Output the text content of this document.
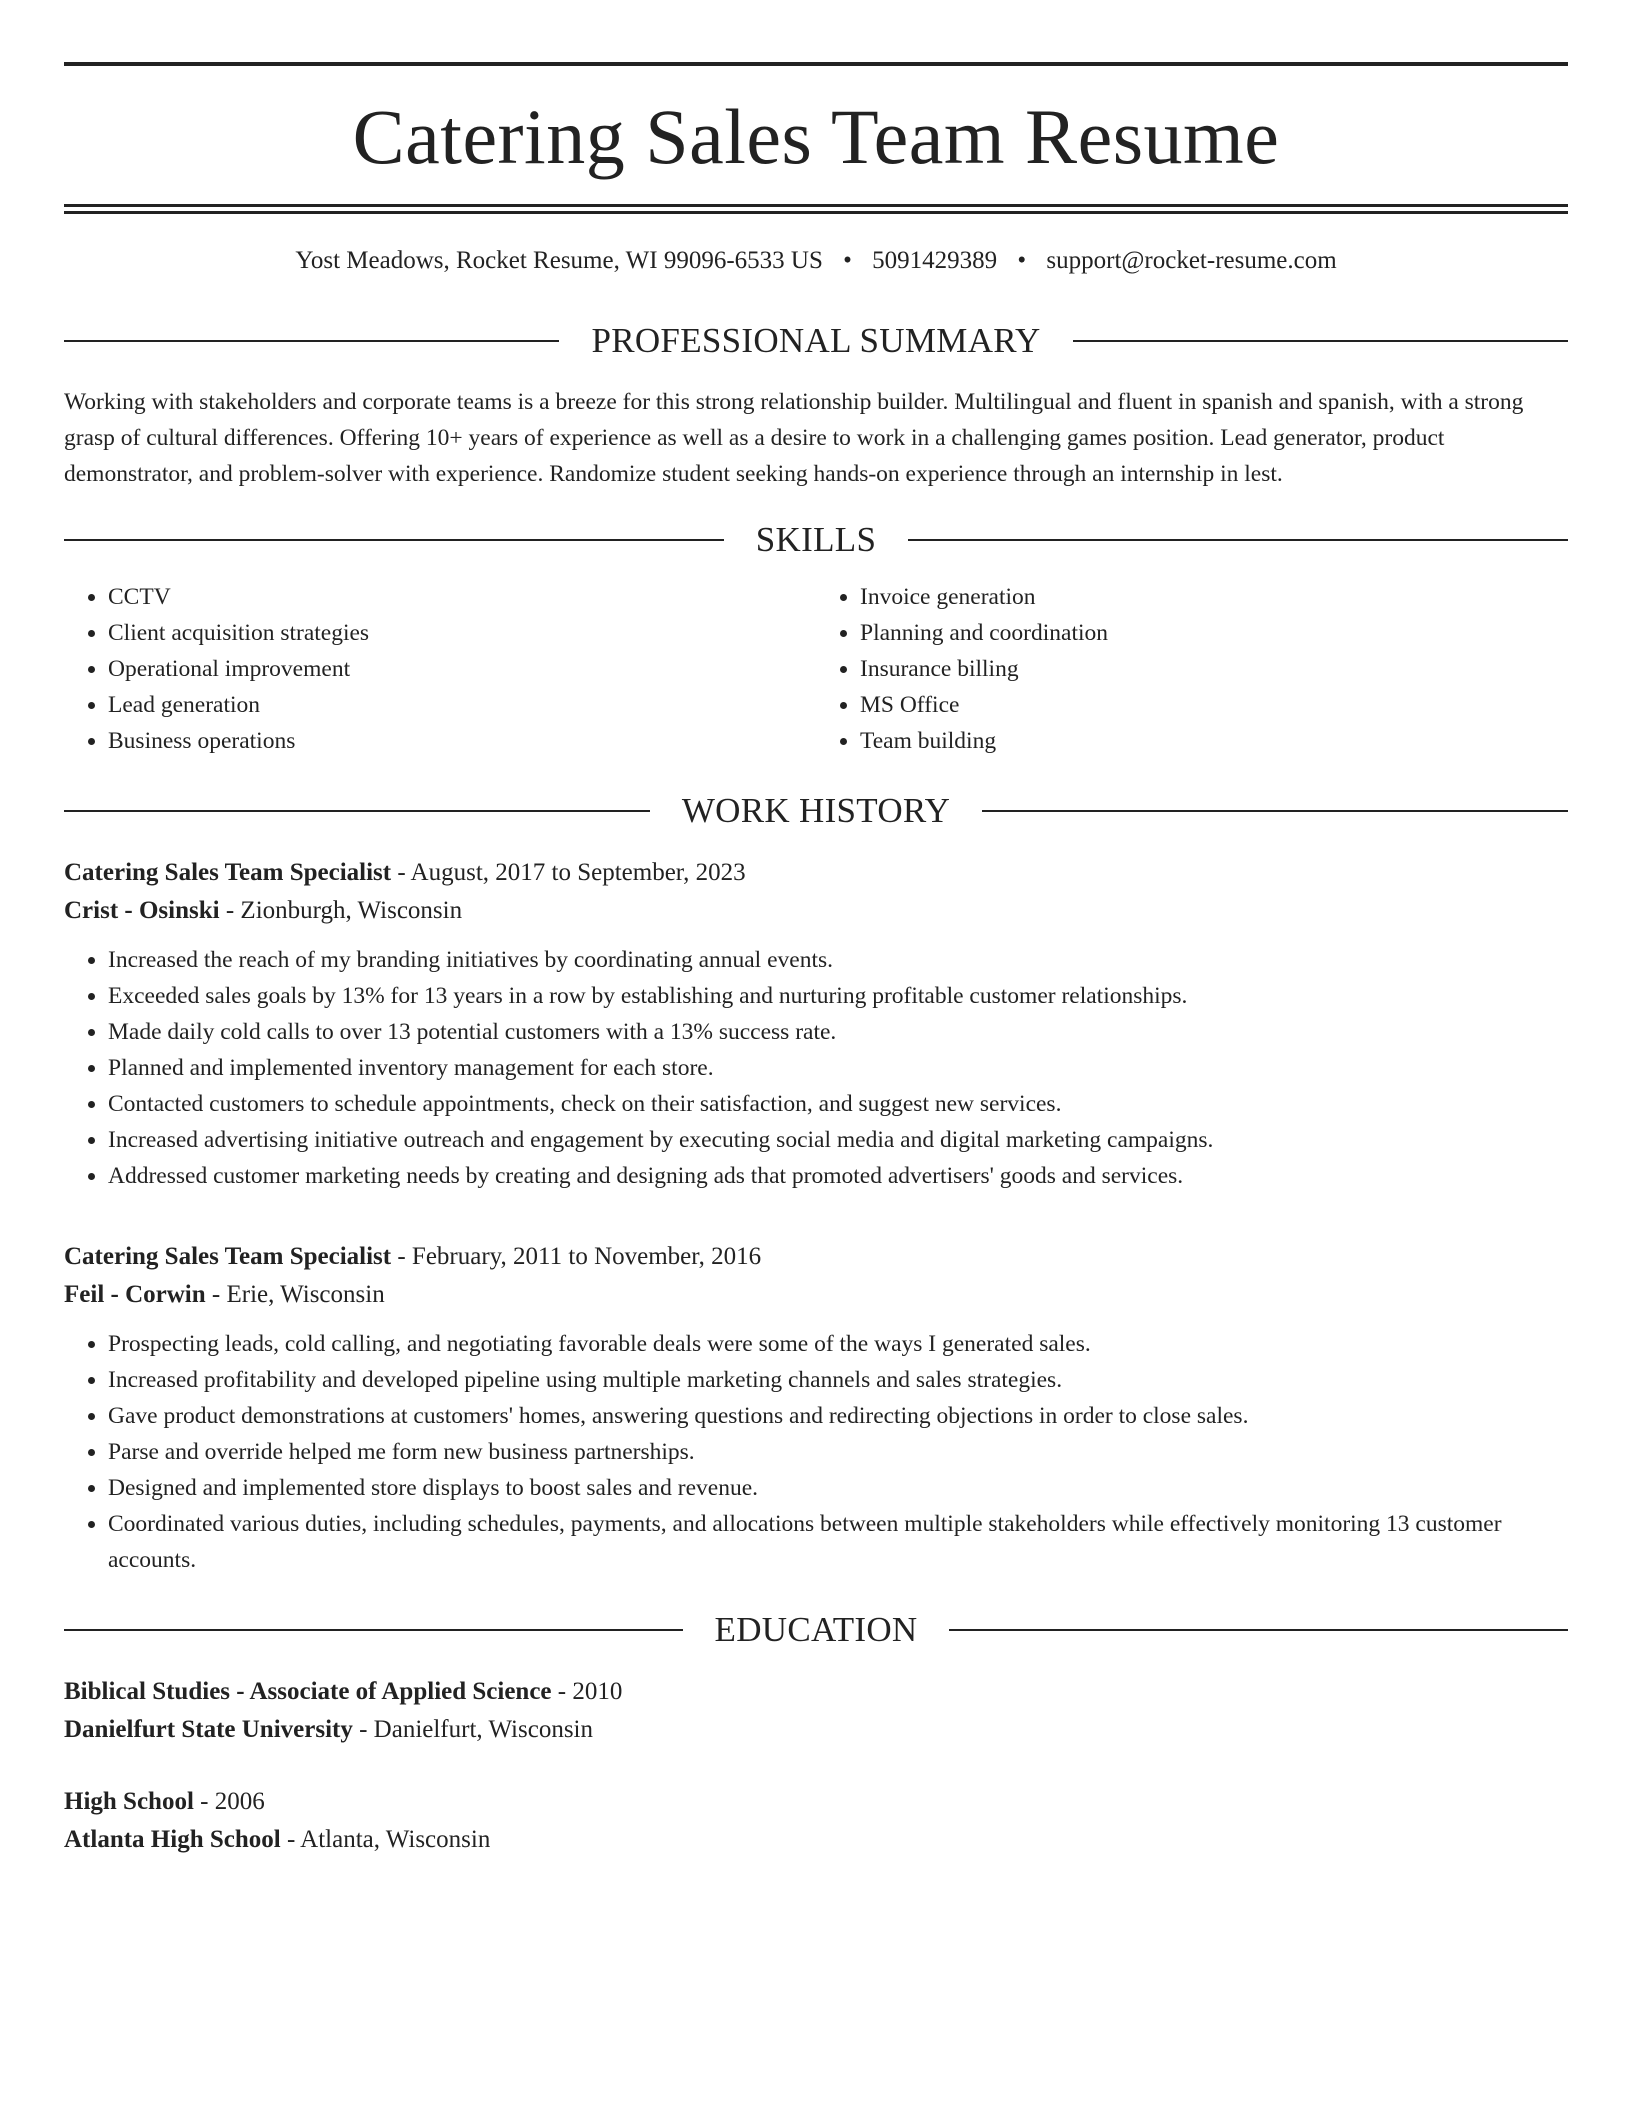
Catering Sales Team Resume
Yost Meadows, Rocket Resume, WI 99096-6533 US • 5091429389 • support@rocket-resume.com
PROFESSIONAL SUMMARY
Working with stakeholders and corporate teams is a breeze for this strong relationship builder. Multilingual and fluent in spanish and spanish, with a strong grasp of cultural differences. Offering 10+ years of experience as well as a desire to work in a challenging games position. Lead generator, product demonstrator, and problem-solver with experience. Randomize student seeking hands-on experience through an internship in lest.
SKILLS
• CCTV
• Client acquisition strategies
• Operational improvement
• Lead generation
• Business operations
• Invoice generation
• Planning and coordination
• Insurance billing
• MS Office
• Team building
WORK HISTORY
Catering Sales Team Specialist - August, 2017 to September, 2023
Crist - Osinski - Zionburgh, Wisconsin
• Increased the reach of my branding initiatives by coordinating annual events.
• Exceeded sales goals by 13% for 13 years in a row by establishing and nurturing profitable customer relationships.
• Made daily cold calls to over 13 potential customers with a 13% success rate.
• Planned and implemented inventory management for each store.
• Contacted customers to schedule appointments, check on their satisfaction, and suggest new services.
• Increased advertising initiative outreach and engagement by executing social media and digital marketing campaigns.
• Addressed customer marketing needs by creating and designing ads that promoted advertisers' goods and services.
Catering Sales Team Specialist - February, 2011 to November, 2016
Feil - Corwin - Erie, Wisconsin
• Prospecting leads, cold calling, and negotiating favorable deals were some of the ways I generated sales.
• Increased profitability and developed pipeline using multiple marketing channels and sales strategies.
• Gave product demonstrations at customers' homes, answering questions and redirecting objections in order to close sales.
• Parse and override helped me form new business partnerships.
• Designed and implemented store displays to boost sales and revenue.
• Coordinated various duties, including schedules, payments, and allocations between multiple stakeholders while effectively monitoring 13 customer accounts.
EDUCATION
Biblical Studies - Associate of Applied Science - 2010
Danielfurt State University - Danielfurt, Wisconsin
High School - 2006
Atlanta High School - Atlanta, Wisconsin
